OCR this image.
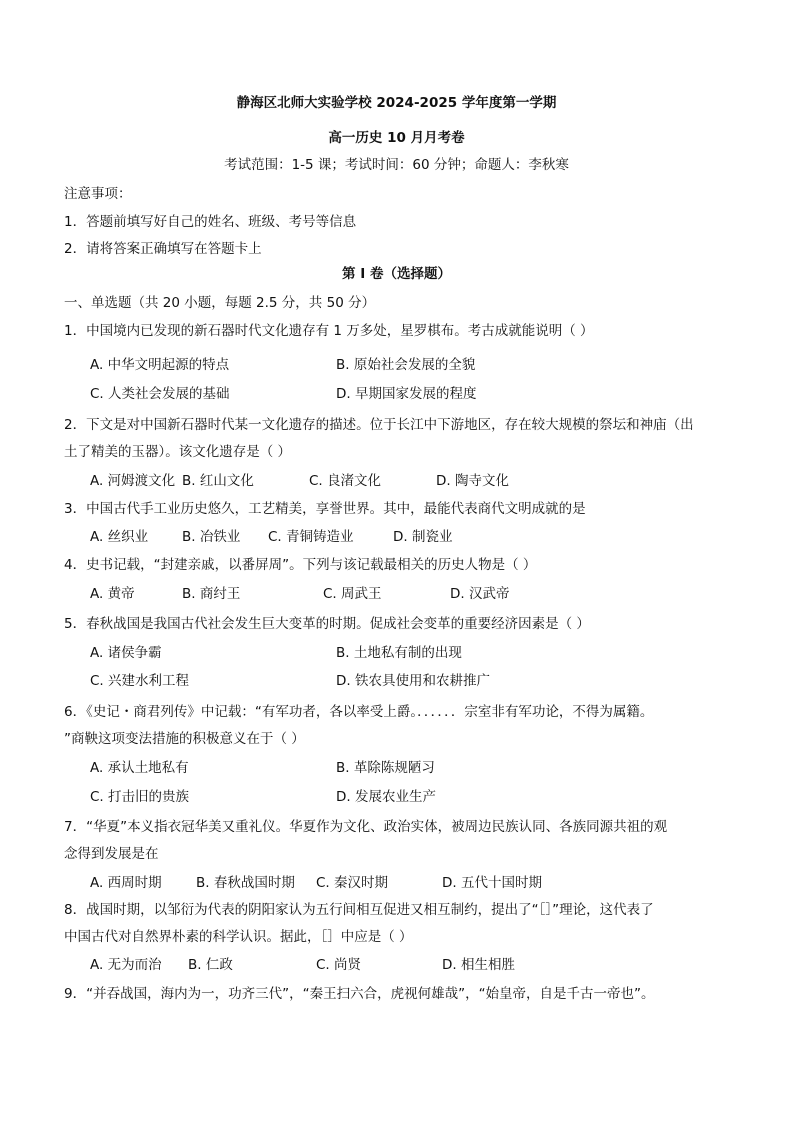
静海区北师大实验学校 2024-2025 学年度第一学期
高一历史 10 月月考卷
考试范围：1-5 课；考试时间：60 分钟；命题人：李秋寒
注意事项：
1．答题前填写好自己的姓名、班级、考号等信息
2．请将答案正确填写在答题卡上
第 I 卷（选择题）
一、单选题（共 20 小题，每题 2.5 分，共 50 分）
1．中国境内已发现的新石器时代文化遗存有 1 万多处，星罗棋布。考古成就能说明（ ）
A. 中华文明起源的特点	B. 原始社会发展的全貌
C. 人类社会发展的基础	D. 早期国家发展的程度
2．下文是对中国新石器时代某一文化遗存的描述。位于长江中下游地区，存在较大规模的祭坛和神庙（出
土了精美的玉器）。该文化遗存是（ ）
A. 河姆渡文化 B. 红山文化	C. 良渚文化	D. 陶寺文化
3．中国古代手工业历史悠久，工艺精美，享誉世界。其中，最能代表商代文明成就的是
A. 丝织业	B. 冶铁业 C. 青铜铸造业	D. 制瓷业
4．史书记载，“封建亲戚，以番屏周”。下列与该记载最相关的历史人物是（ ）
A. 黄帝	B. 商纣王	C. 周武王	D. 汉武帝
5．春秋战国是我国古代社会发生巨大变革的时期。促成社会变革的重要经济因素是（ ）
A. 诸侯争霸	B. 土地私有制的出现
C. 兴建水利工程	D. 铁农具使用和农耕推广
6．《史记・商君列传》中记载：“有军功者，各以率受上爵。．．．．．．宗室非有军功论，不得为属籍。
”商鞅这项变法措施的积极意义在于（ ）
A. 承认土地私有	B. 革除陈规陋习
C. 打击旧的贵族	D. 发展农业生产
7．“华夏”本义指衣冠华美又重礼仪。华夏作为文化、政治实体，被周边民族认同、各族同源共祖的观
念得到发展是在
A. 西周时期	B. 春秋战国时期 C. 秦汉时期	D. 五代十国时期
8．战国时期，以邹衍为代表的阴阳家认为五行间相互促进又相互制约，提出了“［］”理论，这代表了
中国古代对自然界朴素的科学认识。据此，［］中应是（ ）
A. 无为而治 B. 仁政	C. 尚贤	D. 相生相胜
9．“并吞战国，海内为一，功齐三代”，“秦王扫六合，虎视何雄哉”，“始皇帝，自是千古一帝也”。
